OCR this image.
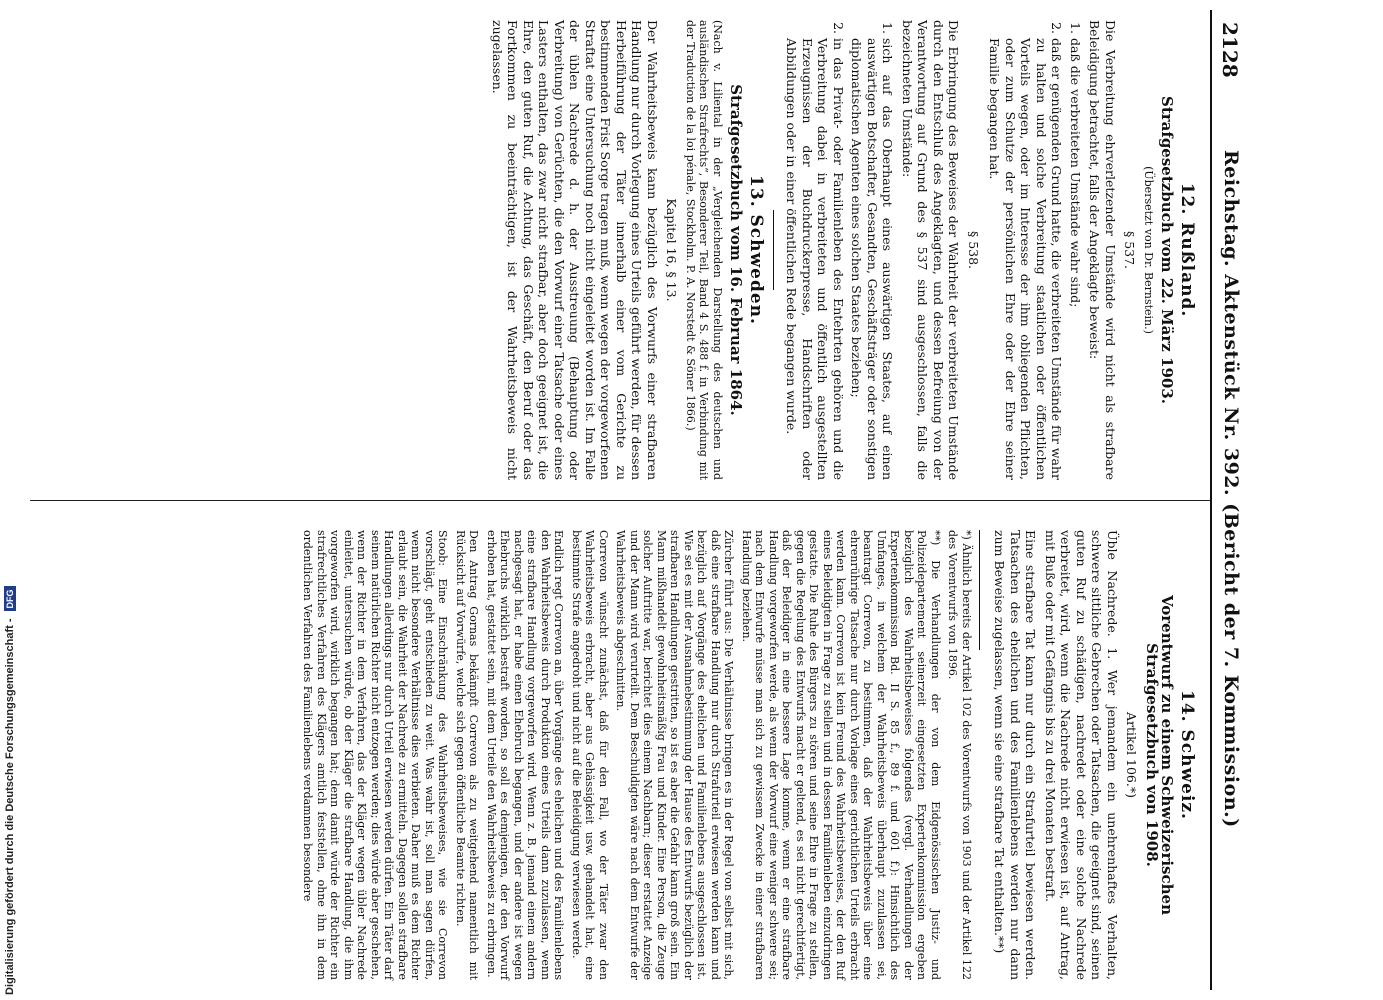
2128
Reichstag. Aktenstück Nr. 392. (Bericht der 7. Kommission.)
12. Rußland.
Strafgesetzbuch vom 22. März 1903.
(Übersetzt von Dr. Bernstein.)
§ 537.

Die Verbreitung ehrverletzender Umstände wird nicht als strafbare Beleidigung betrachtet, falls der Angeklagte beweist:

1. daß die verbreiteten Umstände wahr sind;
2. daß er genügenden Grund hatte, die verbreiteten Umstände für wahr zu halten und solche Verbreitung staatlichen oder öffentlichen Vorteils wegen, oder im Interesse der ihm obliegenden Pflichten, oder zum Schutze der persönlichen Ehre oder der Ehre seiner Familie begangen hat.
§ 538.

Die Erbringung des Beweises der Wahrheit der verbreiteten Umstände durch den Entschluß des Angeklagten, und dessen Befreiung von der Verantwortung auf Grund des § 537 sind ausgeschlossen, falls die bezeichneten Umstände:

1. sich auf das Oberhaupt eines auswärtigen Staates, auf einen auswärtigen Botschafter, Gesandten, Geschäftsträger oder sonstigen diplomatischen Agenten eines solchen Staates beziehen;
2. in das Privat- oder Familienleben des Entehrten gehören und die Verbreitung dabei in verbreiteten und öffentlich ausgestellten Erzeugnissen der Buchdruckerpresse, Handschriften oder Abbildungen oder in einer öffentlichen Rede begangen wurde.
13. Schweden.
Strafgesetzbuch vom 16. Februar 1864.

(Nach v. Liliental in der „Vergleichenden Darstellung des deutschen und ausländischen Strafrechts“, Besonderer Teil, Band 4 S. 488 f. in Verbindung mit der Traduction de la loi pénale, Stockholm. P. A. Norstedt & Söner 1866.)

Kapitel 16, § 13.

Der Wahrheitsbeweis kann bezüglich des Vorwurfs einer strafbaren Handlung nur durch Vorlegung eines Urteils geführt werden, für dessen Herbeiführung der Täter innerhalb einer vom Gerichte zu bestimmenden Frist Sorge tragen muß, wenn wegen der vorgeworfenen Straftat eine Untersuchung noch nicht eingeleitet worden ist. Im Falle der üblen Nachrede d. h. der Ausstreuung (Behauptung oder Verbreitung) von Gerüchten, die den Vorwurf einer Tatsache oder eines Lasters enthalten, das zwar nicht strafbar, aber doch geeignet ist, die Ehre, den guten Ruf, die Achtung, das Geschäft, den Beruf oder das Fortkommen zu beeinträchtigen, ist der Wahrheitsbeweis nicht zugelassen.

14. Schweiz.
Vorentwurf zu einem Schweizerischen Strafgesetzbuch von 1908.
Artikel 106.*)

Üble Nachrede. 1. Wer jemandem ein unehrenhaftes Verhalten, schwere sittliche Gebrechen oder Tatsachen, die geeignet sind, seinen guten Ruf zu schädigen, nachredet oder eine solche Nachrede verbreitet, wird, wenn die Nachrede nicht erwiesen ist, auf Antrag, mit Buße oder mit Gefängnis bis zu drei Monaten bestraft.

Eine strafbare Tat kann nur durch ein Strafurteil bewiesen werden. Tatsachen des ehelichen und des Familienlebens werden nur dann zum Beweise zugelassen, wenn sie eine strafbare Tat enthalten.**)

*) Ähnlich bereits der Artikel 102 des Vorentwurfs von 1903 und der Artikel 122 des Vorentwurfs von 1896.

**) Die Verhandlungen der von dem Eidgenössischen Justiz- und Polizeidepartement seinerzeit eingesetzten Expertenkommission ergeben bezüglich des Wahrheitsbeweises folgendes (vergl. Verhandlungen der Expertenkommission Bd. II S. 85 f., 89 f. und 601 f.): Hinsichtlich des Umfanges, in welchem der Wahrheitsbeweis überhaupt zuzulassen sei, beantragt Correvon, zu bestimmen, daß der Wahrheitsbeweis über eine ehrenrührige Tatsache nur durch Vorlage eines gerichtlichen Urteils erbracht werden kann. Correvon ist kein Freund des Wahrheitsbeweises, der den Ruf eines Beleidigten in Frage zu stellen und in dessen Familienleben einzudringen gestatte. Die Ruhe des Bürgers zu stören und seine Ehre in Frage zu stellen, gegen die Regelung des Entwurfs macht er geltend, es sei nicht gerechtfertigt, daß der Beleidiger in eine bessere Lage komme, wenn er eine strafbare Handlung vorgeworfen werde, als wenn der Vorwurf eine weniger schwere sei; nach dem Entwurfe müsse man sich zu gewissem Zwecke in einer strafbaren Handlung beziehen.

Zürcher führt aus: Die Verhältnisse bringen es in der Regel von selbst mit sich, daß eine strafbare Handlung nur durch Strafurteil erwiesen werden kann und bezüglich auf Vorgänge des ehelichen und Familienlebens ausgeschlossen ist. Wie sei es mit der Ausnahmebestimmung der Hause des Entwurfs bezüglich der strafbaren Handlungen gestritten, so ist es aber die Gefahr kann groß sein. Ein Mann mißhandelt gewohnheitsmäßig Frau und Kinder. Eine Person, die Zeuge solcher Auftritte war, berichtet dies einem Nachbarn; dieser erstattet Anzeige und der Mann wird verurteilt. Dem Beschuldigten wäre nach dem Entwurfe der Wahrheitsbeweis abgeschnitten.

Correvon wünscht zunächst, daß für den Fall, wo der Täter zwar den Wahrheitsbeweis erbracht, aber aus Gehässigkeit usw. gehandelt hat, eine bestimmte Strafe angedroht und nicht auf die Beleidigung verwiesen werde.

Endlich regt Correvon an, über Vorgänge des ehelichen und des Familienlebens den Wahrheitsbeweis durch Produktion eines Urteils dann zuzulassen, wenn eine strafbare Handlung vorgeworfen wird. Wenn z. B. jemand einem andern nachgesagt hat, er habe einen Ehebruch begangen, und der andere ist wegen Ehebruchs wirklich bestraft worden, so soll es demjenigen, der den Vorwurf erhoben hat, gestattet sein, mit dem Urteile den Wahrheitsbeweis zu erbringen.

Den Antrag Gornas bekämpft Correvon als zu weitgehend namentlich mit Rücksicht auf Vorwürfe, welche sich gegen öffentliche Beamte richten.

Stoob: Eine Einschränkung des Wahrheitsbeweises, wie sie Correvon vorschlägt, geht entschieden zu weit. Was wahr ist, soll man sagen dürfen, wenn nicht besondere Verhältnisse dies verbieten. Daher muß es dem Richter erlaubt sein, die Wahrheit der Nachrede zu ermitteln. Dagegen sollen strafbare Handlungen allerdings nur durch Urteil erwiesen werden dürfen. Ein Täter darf seinem natürlichen Richter nicht entzogen werden; dies würde aber geschehen, wenn der Richter in dem Verfahren, das der Kläger wegen übler Nachrede einleitet, untersuchen würde, ob der Kläger die strafbare Handlung, die ihm vorgeworfen wird, wirklich begangen hat; denn damit würde der Richter ein strafrechtliches Verfahren des Klägers amtlich feststellen, ohne ihn in dem ordentlichen Verfahren des Familienlebens verdammen besondere

Digitalisierung gefördert durch die Deutsche Forschungsgemeinschaft - DFG
